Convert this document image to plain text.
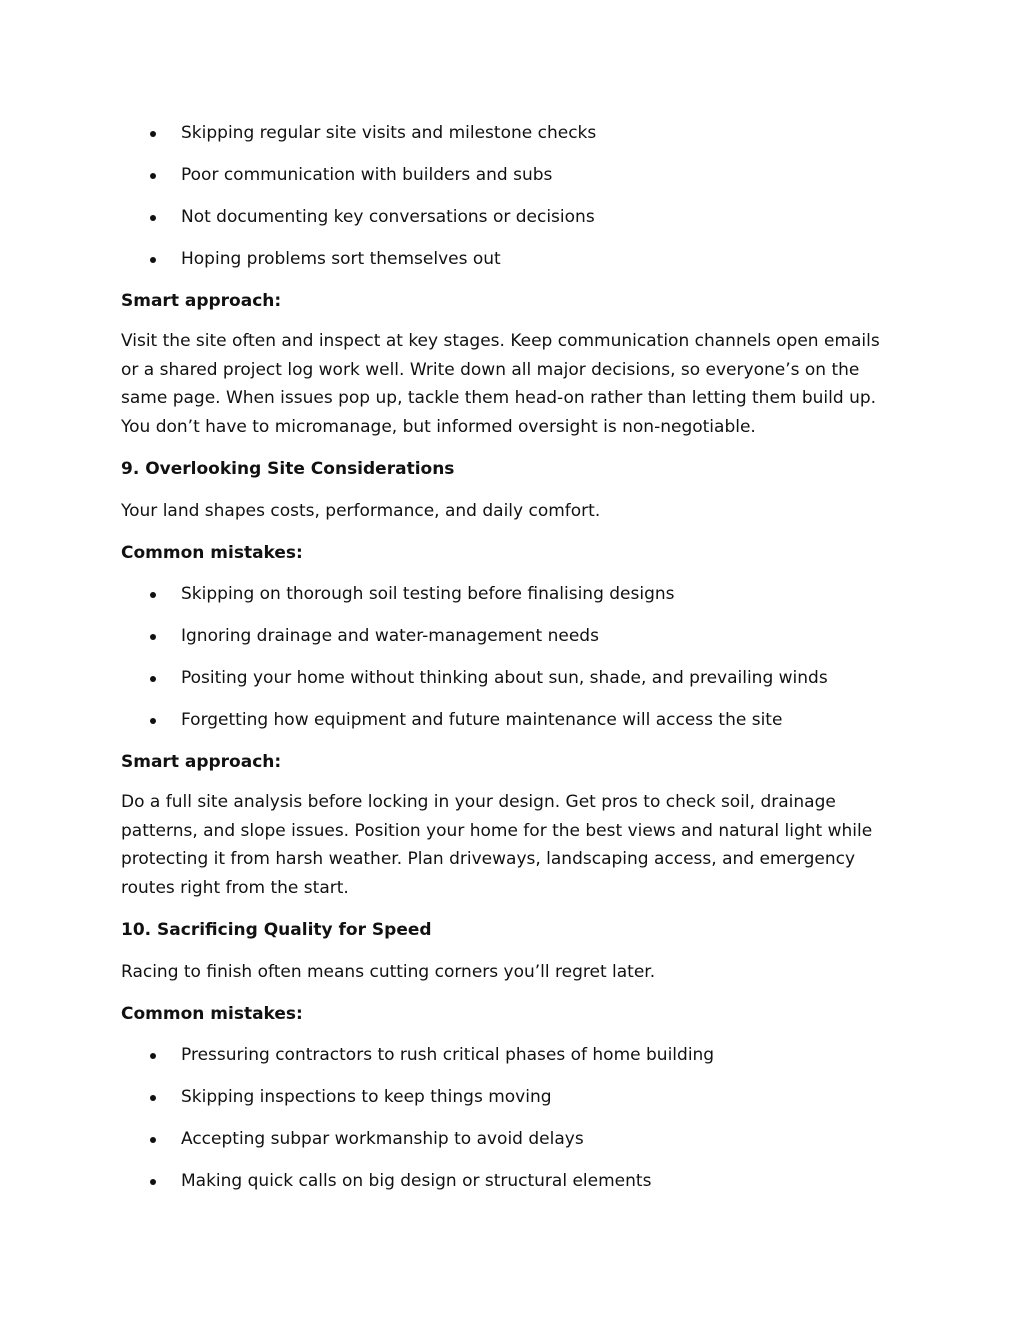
Skipping regular site visits and milestone checks
Poor communication with builders and subs
Not documenting key conversations or decisions
Hoping problems sort themselves out
Smart approach:
Visit the site often and inspect at key stages. Keep communication channels open emails or a shared project log work well. Write down all major decisions, so everyone’s on the same page. When issues pop up, tackle them head-on rather than letting them build up. You don’t have to micromanage, but informed oversight is non-negotiable.
9. Overlooking Site Considerations
Your land shapes costs, performance, and daily comfort.
Common mistakes:
Skipping on thorough soil testing before finalising designs
Ignoring drainage and water-management needs
Positing your home without thinking about sun, shade, and prevailing winds
Forgetting how equipment and future maintenance will access the site
Smart approach:
Do a full site analysis before locking in your design. Get pros to check soil, drainage patterns, and slope issues. Position your home for the best views and natural light while protecting it from harsh weather. Plan driveways, landscaping access, and emergency routes right from the start.
10. Sacrificing Quality for Speed
Racing to finish often means cutting corners you’ll regret later.
Common mistakes:
Pressuring contractors to rush critical phases of home building
Skipping inspections to keep things moving
Accepting subpar workmanship to avoid delays
Making quick calls on big design or structural elements
